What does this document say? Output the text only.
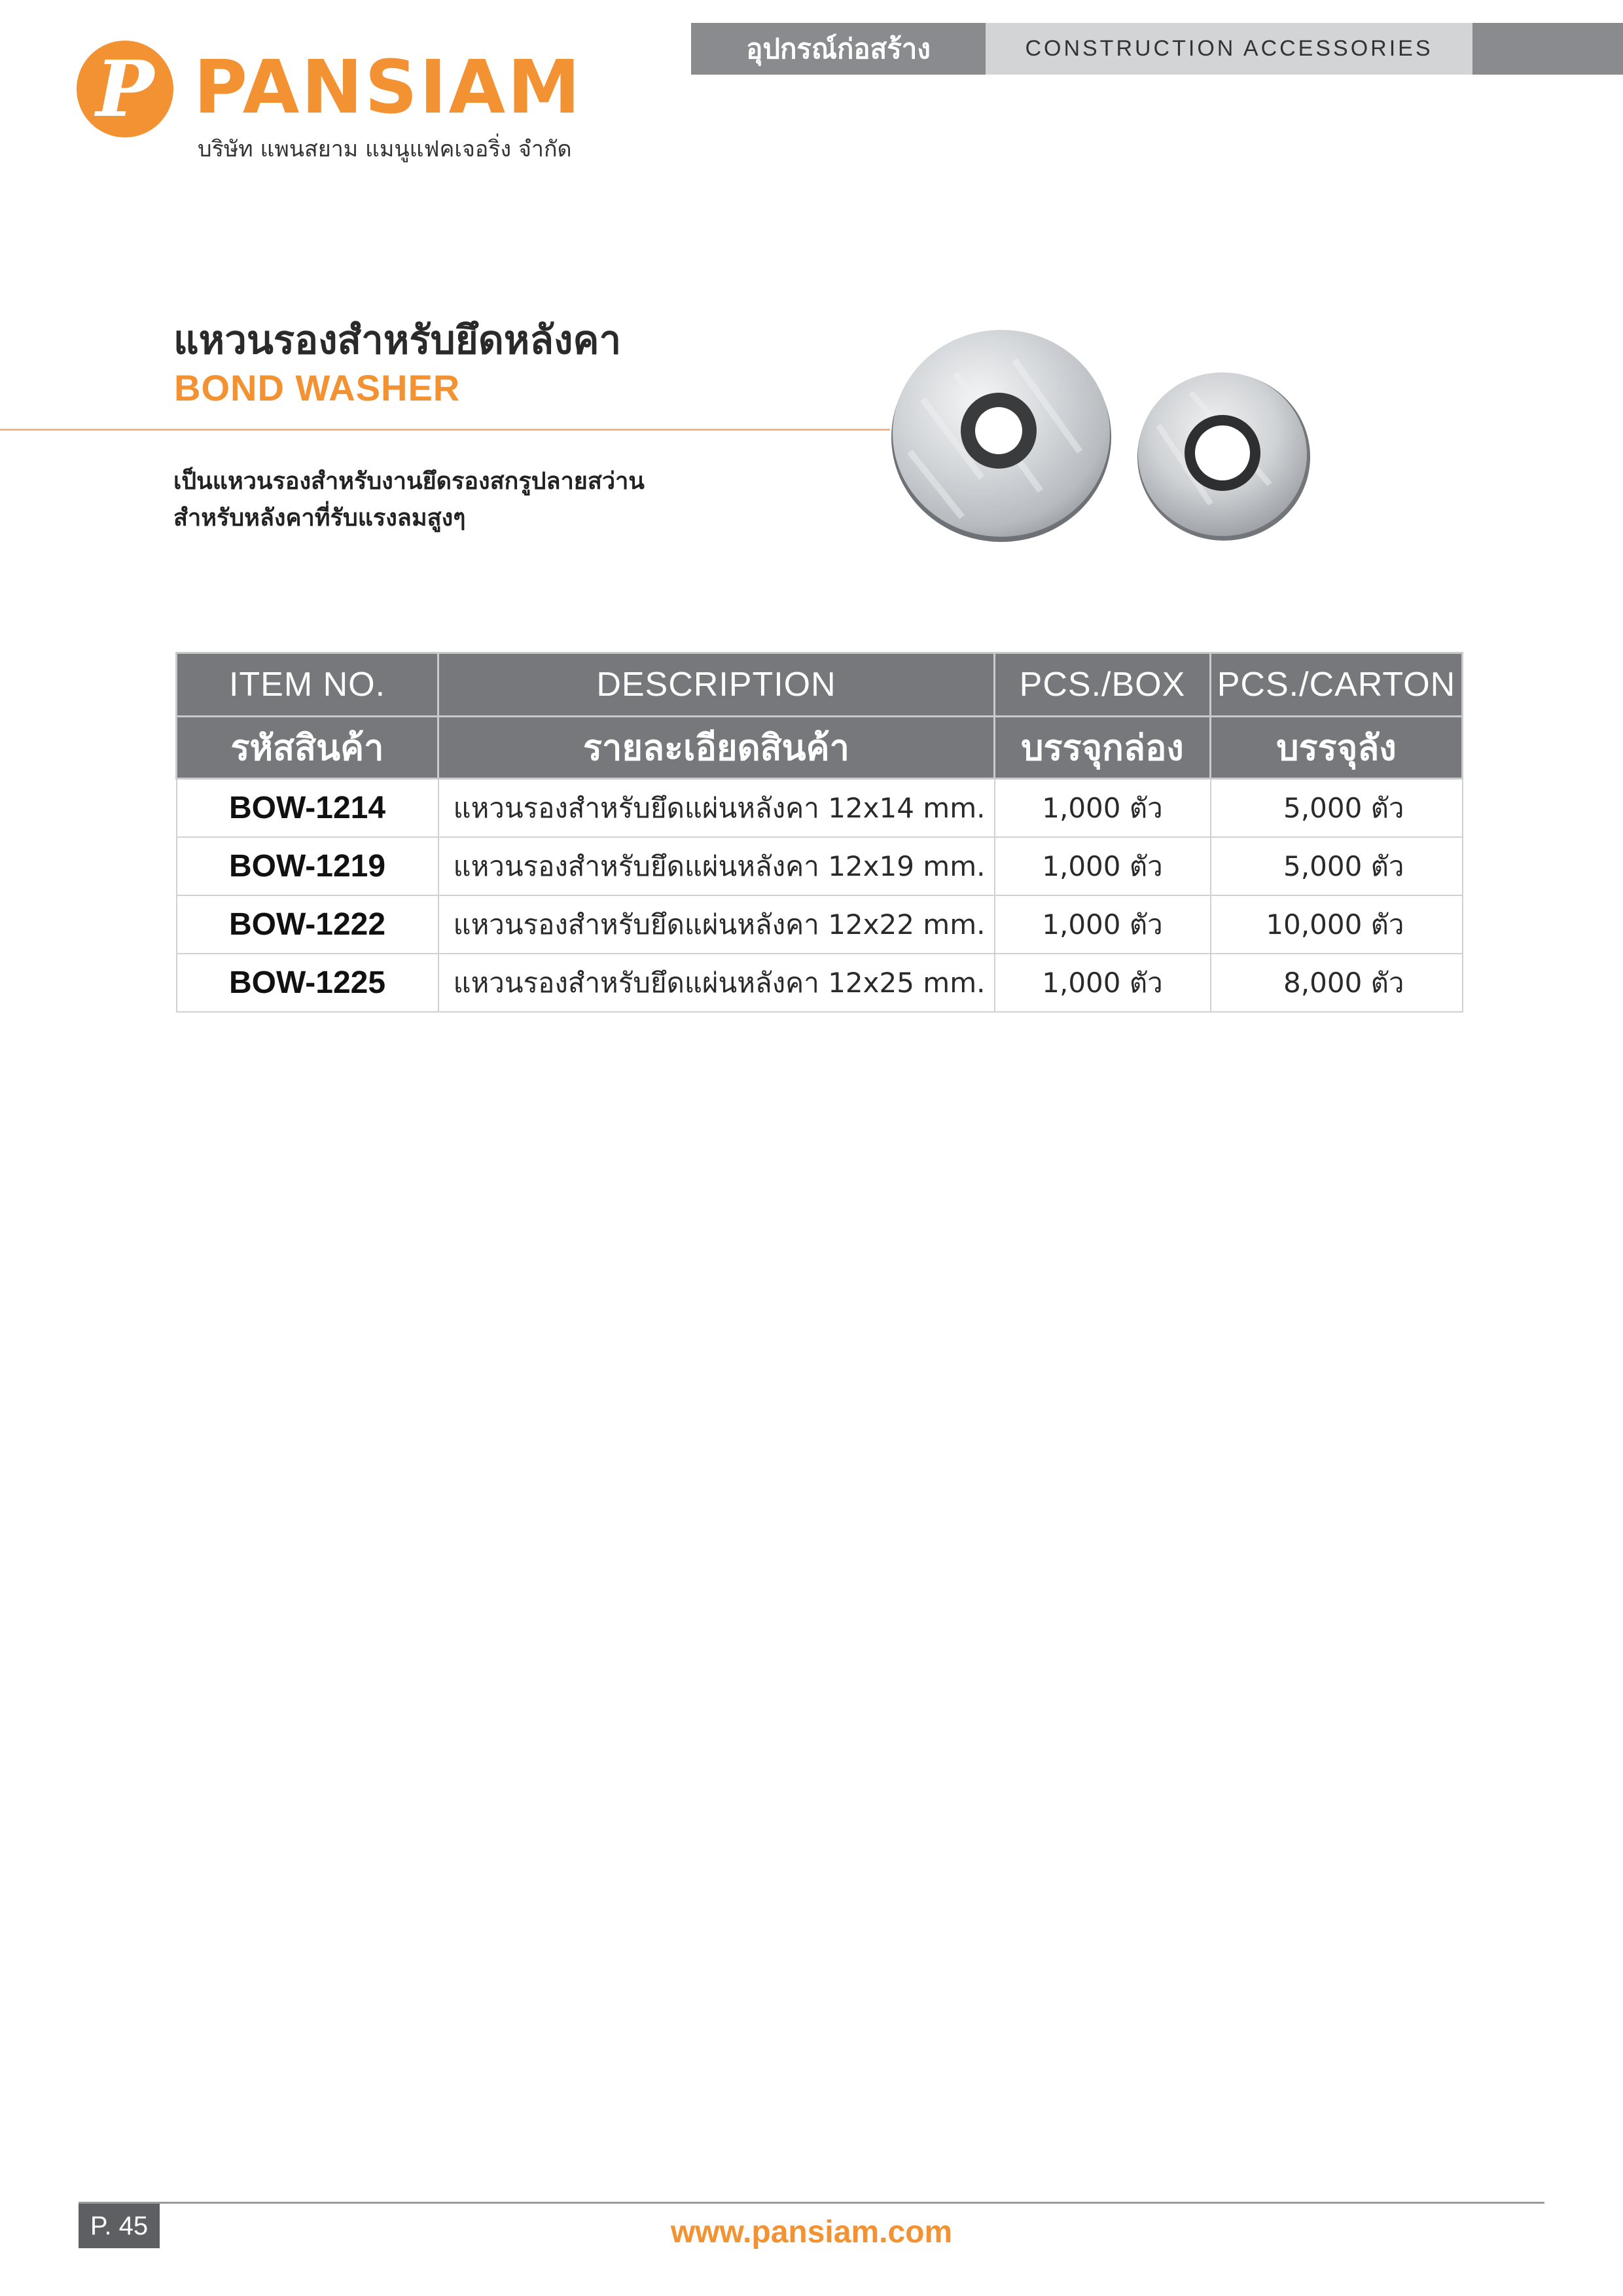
อุปกรณ์ก่อสร้าง	CONSTRUCTION ACCESSORIES
P PANSIAM
บริษัท แพนสยาม แมนูแฟคเจอริ่ง จำกัด
แหวนรองสำหรับยึดหลังคา
BOND WASHER
เป็นแหวนรองสำหรับงานยึดรองสกรูปลายสว่าน
สำหรับหลังคาที่รับแรงลมสูงๆ
ITEM NO.	DESCRIPTION	PCS./BOX	PCS./CARTON
รหัสสินค้า	รายละเอียดสินค้า	บรรจุกล่อง	บรรจุลัง
BOW-1214	แหวนรองสำหรับยึดแผ่นหลังคา 12x14 mm.	1,000 ตัว	5,000 ตัว
BOW-1219	แหวนรองสำหรับยึดแผ่นหลังคา 12x19 mm.	1,000 ตัว	5,000 ตัว
BOW-1222	แหวนรองสำหรับยึดแผ่นหลังคา 12x22 mm.	1,000 ตัว	10,000 ตัว
BOW-1225	แหวนรองสำหรับยึดแผ่นหลังคา 12x25 mm.	1,000 ตัว	8,000 ตัว
P. 45	www.pansiam.com
